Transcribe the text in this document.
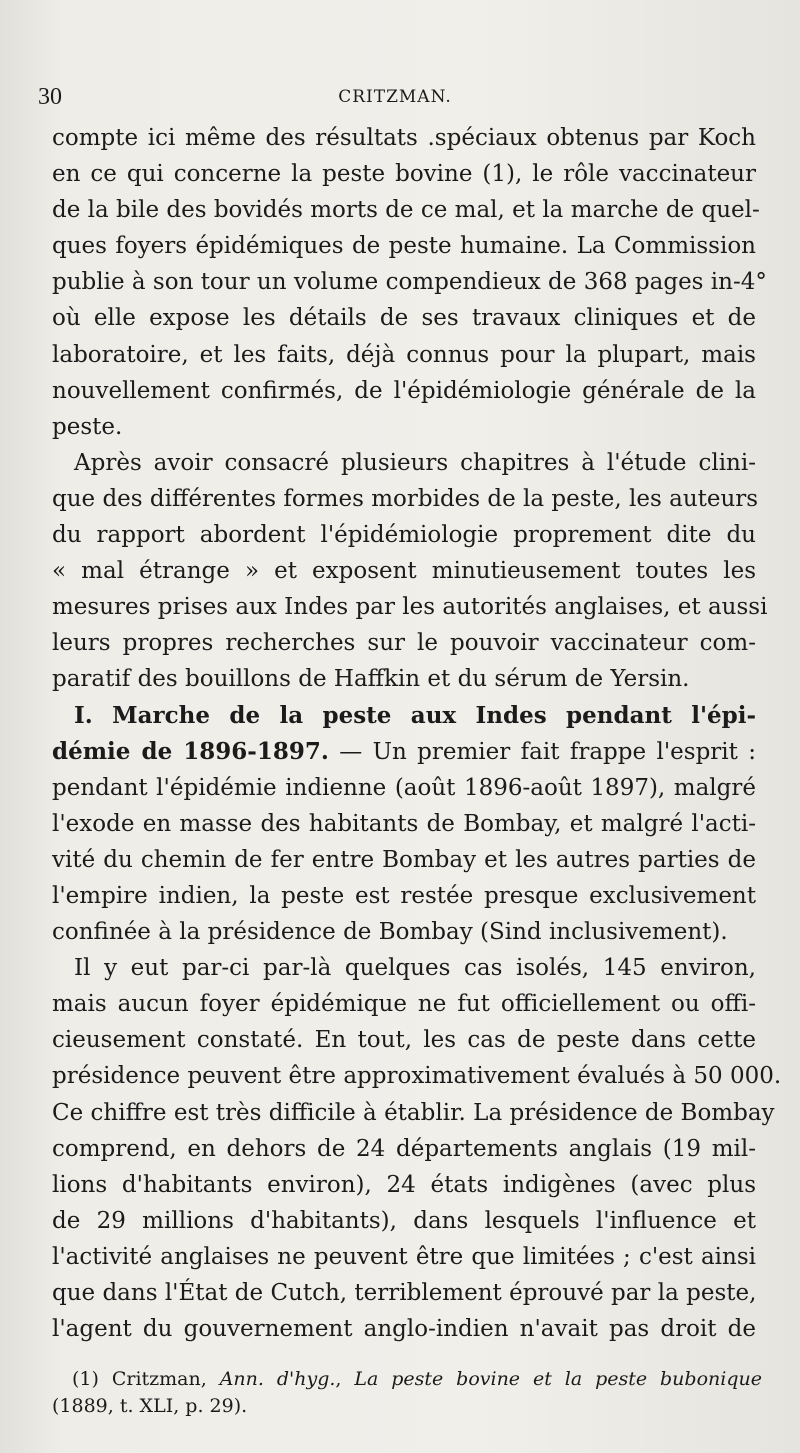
30	CRITZMAN.
compte ici même des résultats .spéciaux obtenus par Koch
en ce qui concerne la peste bovine (1), le rôle vaccinateur
de la bile des bovidés morts de ce mal, et la marche de quel-
ques foyers épidémiques de peste humaine. La Commission
publie à son tour un volume compendieux de 368 pages in-4°
où elle expose les détails de ses travaux cliniques et de
laboratoire, et les faits, déjà connus pour la plupart, mais
nouvellement confirmés, de l'épidémiologie générale de la
peste.
Après avoir consacré plusieurs chapitres à l'étude clini-
que des différentes formes morbides de la peste, les auteurs
du rapport abordent l'épidémiologie proprement dite du
« mal étrange » et exposent minutieusement toutes les
mesures prises aux Indes par les autorités anglaises, et aussi
leurs propres recherches sur le pouvoir vaccinateur com-
paratif des bouillons de Haffkin et du sérum de Yersin.
I. Marche de la peste aux Indes pendant l'épi-
démie de 1896-1897. — Un premier fait frappe l'esprit :
pendant l'épidémie indienne (août 1896-août 1897), malgré
l'exode en masse des habitants de Bombay, et malgré l'acti-
vité du chemin de fer entre Bombay et les autres parties de
l'empire indien, la peste est restée presque exclusivement
confinée à la présidence de Bombay (Sind inclusivement).
Il y eut par-ci par-là quelques cas isolés, 145 environ,
mais aucun foyer épidémique ne fut officiellement ou offi-
cieusement constaté. En tout, les cas de peste dans cette
présidence peuvent être approximativement évalués à 50 000.
Ce chiffre est très difficile à établir. La présidence de Bombay
comprend, en dehors de 24 départements anglais (19 mil-
lions d'habitants environ), 24 états indigènes (avec plus
de 29 millions d'habitants), dans lesquels l'influence et
l'activité anglaises ne peuvent être que limitées ; c'est ainsi
que dans l'État de Cutch, terriblement éprouvé par la peste,
l'agent du gouvernement anglo-indien n'avait pas droit de
(1) Critzman, Ann. d'hyg., La peste bovine et la peste bubonique
(1889, t. XLI, p. 29).
